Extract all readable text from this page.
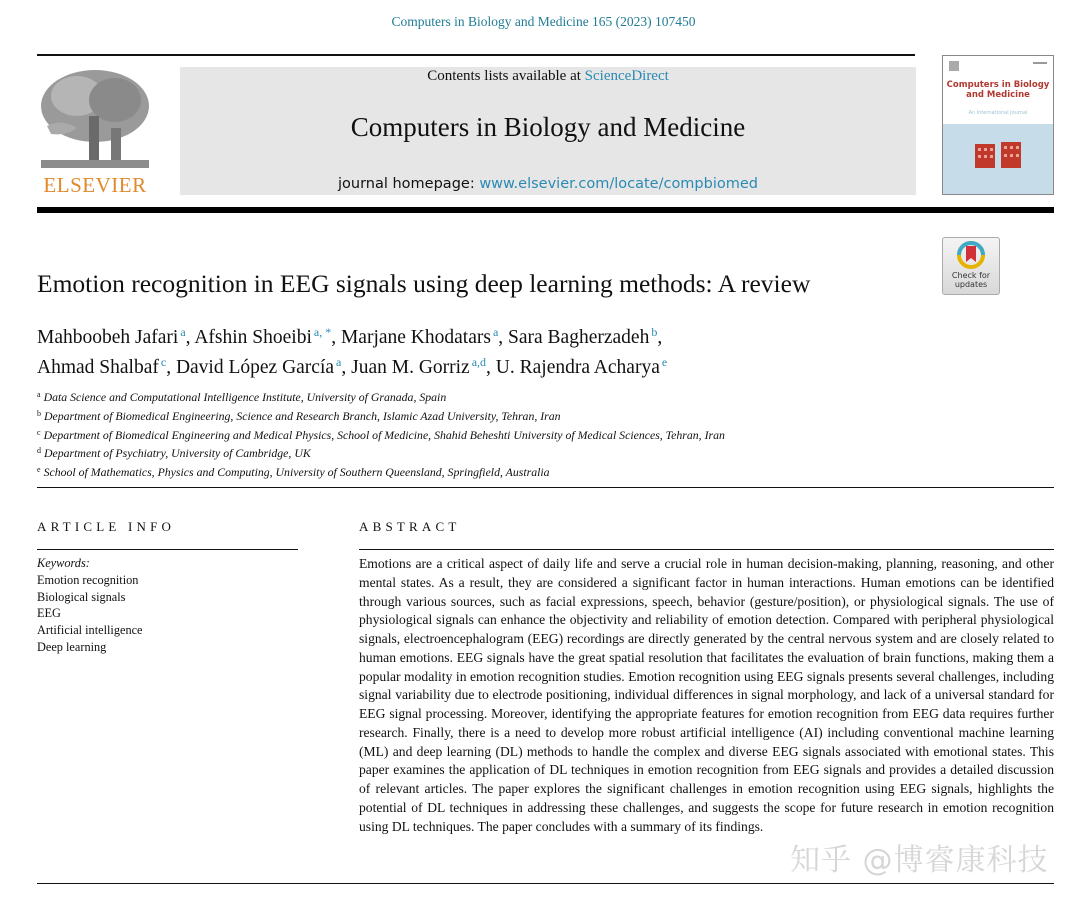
Computers in Biology and Medicine 165 (2023) 107450
ELSEVIER
Contents lists available at ScienceDirect
Computers in Biology and Medicine
journal homepage: www.elsevier.com/locate/compbiomed
Computers in Biology
and Medicine
An International Journal
Check for
updates
Emotion recognition in EEG signals using deep learning methods: A review
Mahboobeh Jafari $^a$, Afshin Shoeibi $^{a, *}$, Marjane Khodatars $^a$, Sara Bagherzadeh $^b$,
Ahmad Shalbaf $^c$, David López García $^a$, Juan M. Gorriz $^{a,d}$, U. Rajendra Acharya $^e$
$^a$ Data Science and Computational Intelligence Institute, University of Granada, Spain
$^b$ Department of Biomedical Engineering, Science and Research Branch, Islamic Azad University, Tehran, Iran
$^c$ Department of Biomedical Engineering and Medical Physics, School of Medicine, Shahid Beheshti University of Medical Sciences, Tehran, Iran
$^d$ Department of Psychiatry, University of Cambridge, UK
$^e$ School of Mathematics, Physics and Computing, University of Southern Queensland, Springfield, Australia
ARTICLE INFO
Keywords:
Emotion recognition
Biological signals
EEG
Artificial intelligence
Deep learning
ABSTRACT
Emotions are a critical aspect of daily life and serve a crucial role in human decision-making, planning, reasoning, and other mental states. As a result, they are considered a significant factor in human interactions. Human emotions can be identified through various sources, such as facial expressions, speech, behavior (gesture/position), or physiological signals. The use of physiological signals can enhance the objectivity and reliability of emotion detection. Compared with peripheral physiological signals, electroencephalogram (EEG) recordings are directly generated by the central nervous system and are closely related to human emotions. EEG signals have the great spatial resolution that facilitates the evaluation of brain functions, making them a popular modality in emotion recognition studies. Emotion recognition using EEG signals presents several challenges, including signal variability due to electrode positioning, individual differences in signal morphology, and lack of a universal standard for EEG signal processing. Moreover, identifying the appropriate features for emotion recognition from EEG data requires further research. Finally, there is a need to develop more robust artificial intelligence (AI) including conventional machine learning (ML) and deep learning (DL) methods to handle the complex and diverse EEG signals associated with emotional states. This paper examines the application of DL techniques in emotion recognition from EEG signals and provides a detailed discussion of relevant articles. The paper explores the significant challenges in emotion recognition using EEG signals, highlights the potential of DL techniques in addressing these challenges, and suggests the scope for future research in emotion recognition using DL techniques. The paper concludes with a summary of its findings.
知乎 @博睿康科技
